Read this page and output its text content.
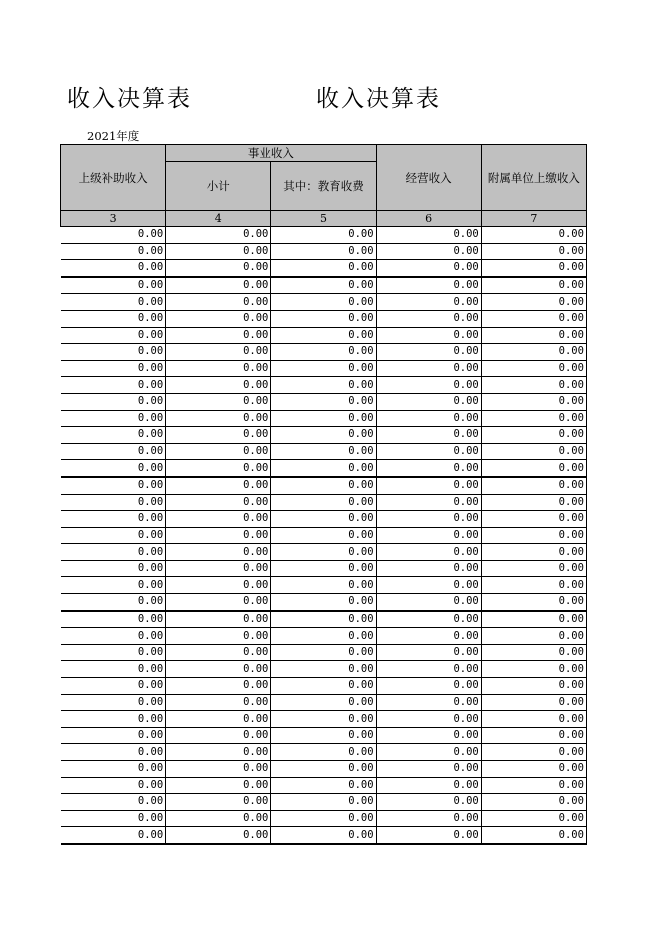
收入决算表	收入决算表
2021年度
上级补助收入	事业收入		经营收入	附属单位上缴收入
	小计	其中：教育收费		
3	4	5	6	7
0.00	0.00	0.00	0.00	0.00
0.00	0.00	0.00	0.00	0.00
0.00	0.00	0.00	0.00	0.00
0.00	0.00	0.00	0.00	0.00
0.00	0.00	0.00	0.00	0.00
0.00	0.00	0.00	0.00	0.00
0.00	0.00	0.00	0.00	0.00
0.00	0.00	0.00	0.00	0.00
0.00	0.00	0.00	0.00	0.00
0.00	0.00	0.00	0.00	0.00
0.00	0.00	0.00	0.00	0.00
0.00	0.00	0.00	0.00	0.00
0.00	0.00	0.00	0.00	0.00
0.00	0.00	0.00	0.00	0.00
0.00	0.00	0.00	0.00	0.00
0.00	0.00	0.00	0.00	0.00
0.00	0.00	0.00	0.00	0.00
0.00	0.00	0.00	0.00	0.00
0.00	0.00	0.00	0.00	0.00
0.00	0.00	0.00	0.00	0.00
0.00	0.00	0.00	0.00	0.00
0.00	0.00	0.00	0.00	0.00
0.00	0.00	0.00	0.00	0.00
0.00	0.00	0.00	0.00	0.00
0.00	0.00	0.00	0.00	0.00
0.00	0.00	0.00	0.00	0.00
0.00	0.00	0.00	0.00	0.00
0.00	0.00	0.00	0.00	0.00
0.00	0.00	0.00	0.00	0.00
0.00	0.00	0.00	0.00	0.00
0.00	0.00	0.00	0.00	0.00
0.00	0.00	0.00	0.00	0.00
0.00	0.00	0.00	0.00	0.00
0.00	0.00	0.00	0.00	0.00
0.00	0.00	0.00	0.00	0.00
0.00	0.00	0.00	0.00	0.00
0.00	0.00	0.00	0.00	0.00
